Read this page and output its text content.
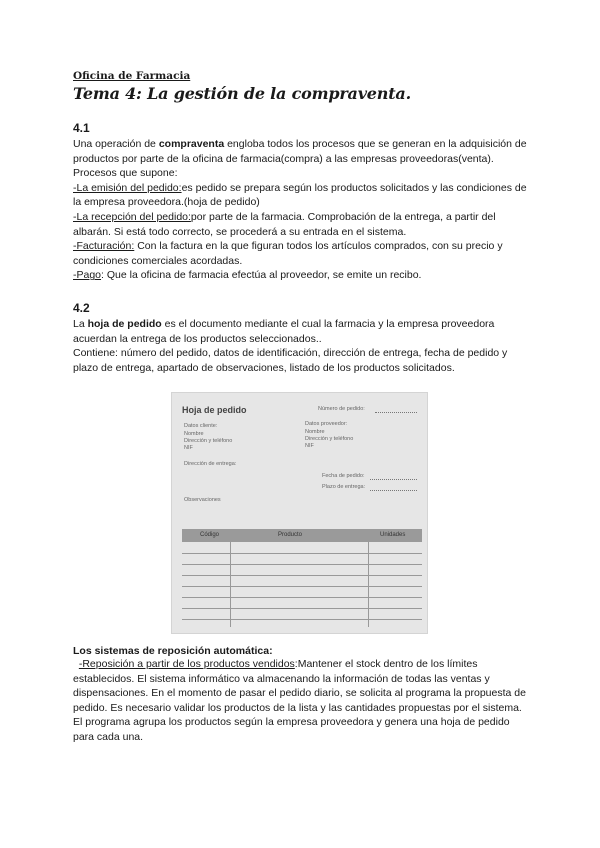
Oficina de Farmacia

Tema 4: La gestión de la compraventa.

4.1

Una operación de compraventa engloba todos los procesos que se generan en la adquisición de productos por parte de la oficina de farmacia(compra) a las empresas proveedoras(venta).

Procesos que supone:

-La emisión del pedido:es pedido se prepara según los productos solicitados y las condiciones de la empresa proveedora.(hoja de pedido)

-La recepción del pedido:por parte de la farmacia. Comprobación de la entrega, a partir del albarán. Si está todo correcto, se procederá a su entrada en el sistema.

-Facturación: Con la factura en la que figuran todos los artículos comprados, con su precio y condiciones comerciales acordadas.

-Pago: Que la oficina de farmacia efectúa al proveedor, se emite un recibo.

4.2

La hoja de pedido es el documento mediante el cual la farmacia y la empresa proveedora acuerdan la entrega de los productos seleccionados..

Contiene: número del pedido, datos de identificación, dirección de entrega, fecha de pedido y plazo de entrega, apartado de observaciones, listado de los productos solicitados.

Los sistemas de reposición automática:

-Reposición a partir de los productos vendidos:Mantener el stock dentro de los límites establecidos. El sistema informático va almacenando la información de todas las ventas y dispensaciones. En el momento de pasar el pedido diario, se solicita al programa la propuesta de pedido. Es necesario validar los productos de la lista y las cantidades propuestas por el sistema. El programa agrupa los productos según la empresa proveedora y genera una hoja de pedido para cada una.

Hoja de pedido	Número de pedido:
Datos cliente:
Nombre
Dirección y teléfono
NIF
Datos proveedor:
Nombre
Dirección y teléfono
NIF
Dirección de entrega:
Fecha de pedido:
Plazo de entrega:
Observaciones
Código	Producto	Unidades
